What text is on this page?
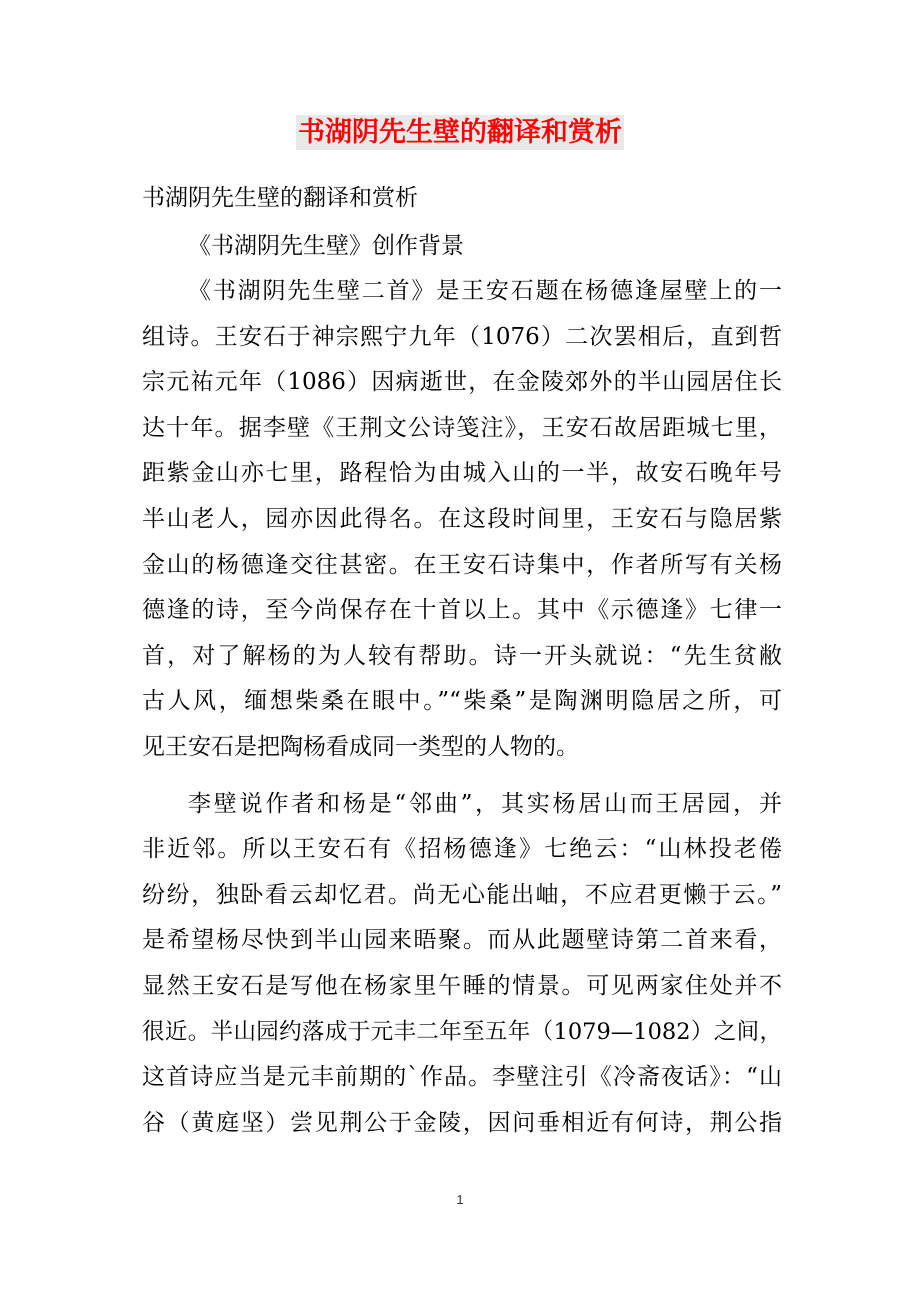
书湖阴先生壁的翻译和赏析

书湖阴先生壁的翻译和赏析

《书湖阴先生壁》创作背景

《书湖阴先生壁二首》是王安石题在杨德逢屋壁上的一
组诗。王安石于神宗熙宁九年（1076）二次罢相后，直到哲
宗元祐元年（1086）因病逝世，在金陵郊外的半山园居住长
达十年。据李壁《王荆文公诗笺注》，王安石故居距城七里，
距紫金山亦七里，路程恰为由城入山的一半，故安石晚年号
半山老人，园亦因此得名。在这段时间里，王安石与隐居紫
金山的杨德逢交往甚密。在王安石诗集中，作者所写有关杨
德逢的诗，至今尚保存在十首以上。其中《示德逢》七律一
首，对了解杨的为人较有帮助。诗一开头就说：“先生贫敝
古人风，缅想柴桑在眼中。”“柴桑”是陶渊明隐居之所，可
见王安石是把陶杨看成同一类型的人物的。
李壁说作者和杨是“邻曲”，其实杨居山而王居园，并
非近邻。所以王安石有《招杨德逢》七绝云：“山林投老倦
纷纷，独卧看云却忆君。尚无心能出岫，不应君更懒于云。”
是希望杨尽快到半山园来晤聚。而从此题壁诗第二首来看，
显然王安石是写他在杨家里午睡的情景。可见两家住处并不
很近。半山园约落成于元丰二年至五年（1079—1082）之间，
这首诗应当是元丰前期的`作品。李壁注引《冷斋夜话》：“山
谷（黄庭坚）尝见荆公于金陵，因问垂相近有何诗，荆公指
1
